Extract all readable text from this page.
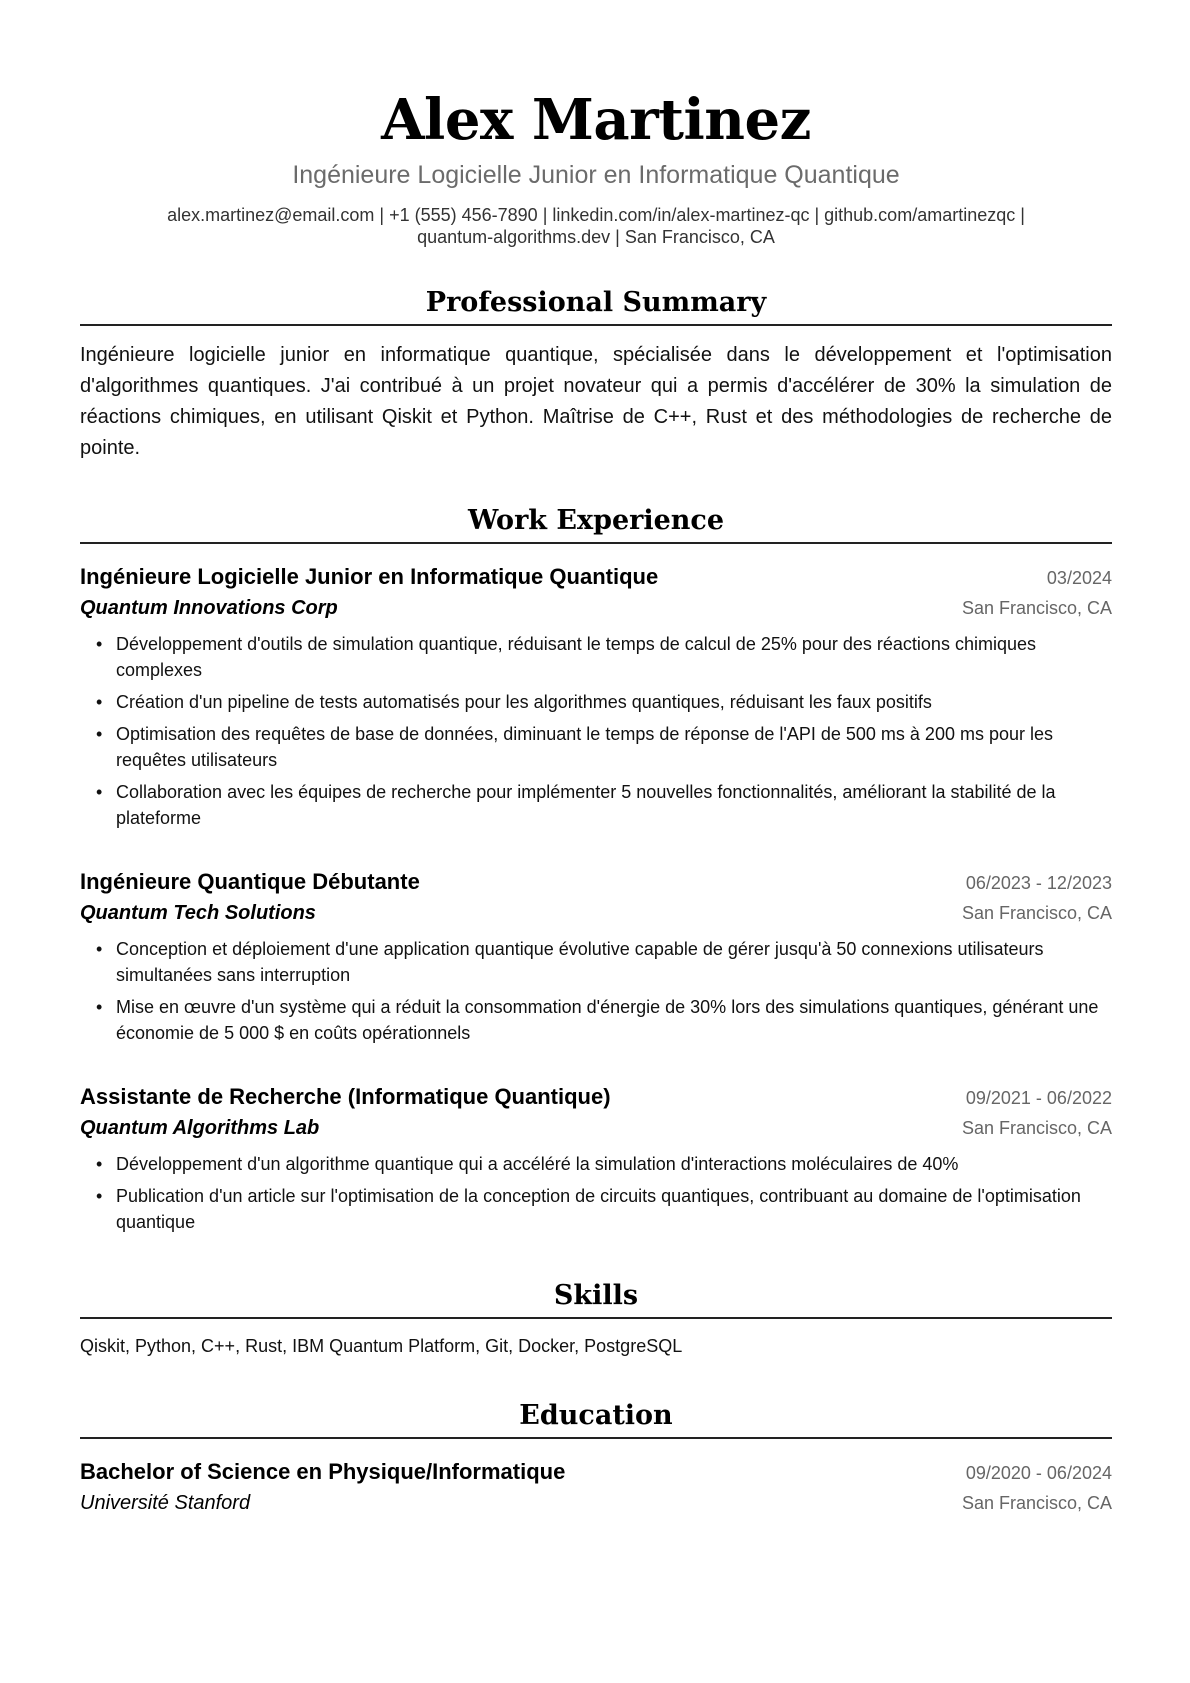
Alex Martinez
Ingénieure Logicielle Junior en Informatique Quantique
alex.martinez@email.com | +1 (555) 456-7890 | linkedin.com/in/alex-martinez-qc | github.com/amartinezqc |
quantum-algorithms.dev | San Francisco, CA
Professional Summary
Ingénieure logicielle junior en informatique quantique, spécialisée dans le développement et l'optimisation d'algorithmes quantiques. J'ai contribué à un projet novateur qui a permis d'accélérer de 30% la simulation de réactions chimiques, en utilisant Qiskit et Python. Maîtrise de C++, Rust et des méthodologies de recherche de pointe.
Work Experience
Ingénieure Logicielle Junior en Informatique Quantique	03/2024
Quantum Innovations Corp	San Francisco, CA
• Développement d'outils de simulation quantique, réduisant le temps de calcul de 25% pour des réactions chimiques complexes
• Création d'un pipeline de tests automatisés pour les algorithmes quantiques, réduisant les faux positifs
• Optimisation des requêtes de base de données, diminuant le temps de réponse de l'API de 500 ms à 200 ms pour les requêtes utilisateurs
• Collaboration avec les équipes de recherche pour implémenter 5 nouvelles fonctionnalités, améliorant la stabilité de la plateforme
Ingénieure Quantique Débutante	06/2023 - 12/2023
Quantum Tech Solutions	San Francisco, CA
• Conception et déploiement d'une application quantique évolutive capable de gérer jusqu'à 50 connexions utilisateurs simultanées sans interruption
• Mise en œuvre d'un système qui a réduit la consommation d'énergie de 30% lors des simulations quantiques, générant une économie de 5 000 $ en coûts opérationnels
Assistante de Recherche (Informatique Quantique)	09/2021 - 06/2022
Quantum Algorithms Lab	San Francisco, CA
• Développement d'un algorithme quantique qui a accéléré la simulation d'interactions moléculaires de 40%
• Publication d'un article sur l'optimisation de la conception de circuits quantiques, contribuant au domaine de l'optimisation quantique
Skills
Qiskit, Python, C++, Rust, IBM Quantum Platform, Git, Docker, PostgreSQL
Education
Bachelor of Science en Physique/Informatique	09/2020 - 06/2024
Université Stanford	San Francisco, CA
